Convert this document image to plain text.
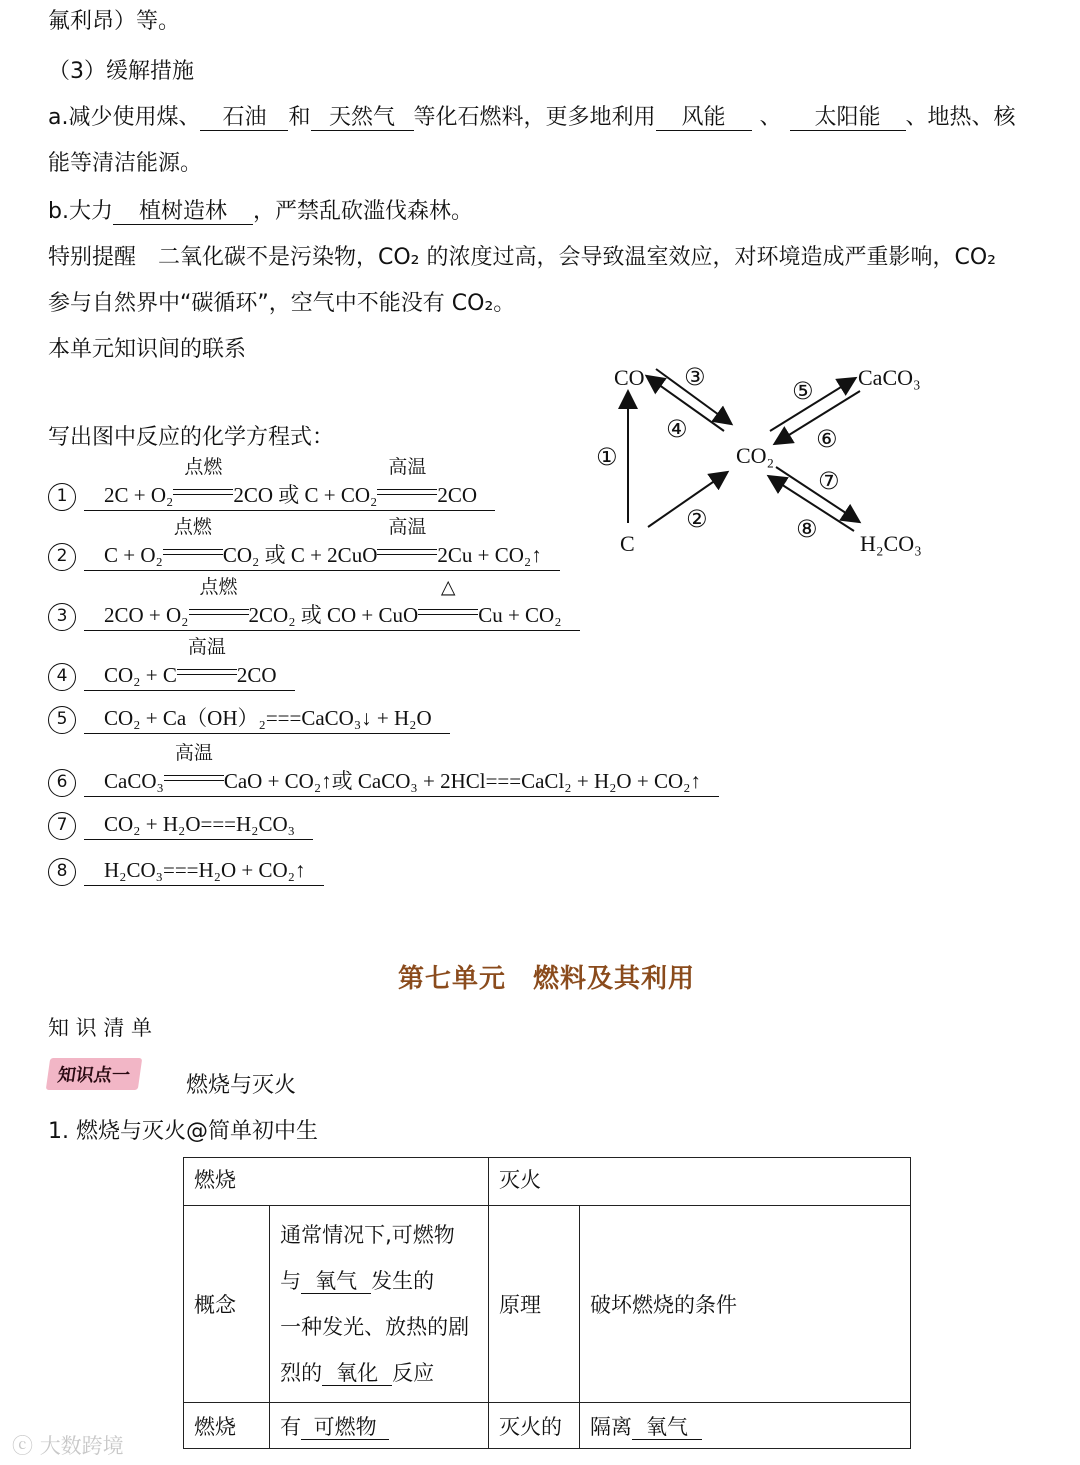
氟利昂）等。
（3）缓解措施
a.减少使用煤、 石油 和 天然气 等化石燃料，更多地利用 风能 、 太阳能 、地热、核
能等清洁能源。
b.大力 植树造林 ，严禁乱砍滥伐森林。
特别提醒　二氧化碳不是污染物，CO₂ 的浓度过高，会导致温室效应，对环境造成严重影响，CO₂
参与自然界中“碳循环”，空气中不能没有 CO₂。
本单元知识间的联系
写出图中反应的化学方程式：
CO	CaCO₃
CO₂
C	H₂CO₃
①
②
③
④
⑤
⑥
⑦
⑧
1 2C + O₂
点燃
2CO 或 C + CO₂
高温
2CO
2 C + O₂
点燃
CO₂ 或 C + 2CuO
高温
2Cu + CO₂↑
3 2CO + O₂
点燃
2CO₂ 或 CO + CuO
△
Cu + CO₂
4 CO₂ + C
高温
2CO
5 CO₂ + Ca（OH）₂===CaCO₃↓ + H₂O
6 CaCO₃
高温
CaO + CO₂↑或 CaCO₃ + 2HCl===CaCl₂ + H₂O + CO₂↑
7 CO₂ + H₂O===H₂CO₃
8 H₂CO₃===H₂O + CO₂↑
第七单元　燃料及其利用
知 识 清 单
知识点一	燃烧与灭火
1. 燃烧与灭火@简单初中生
燃烧		灭火	
概念	通常情况下,可燃物
与 氧气 发生的
一种发光、放热的剧
烈的 氧化 反应	原理	破坏燃烧的条件
燃烧	有 可燃物	灭火的	隔离 氧气
ⓒ 大数跨境
